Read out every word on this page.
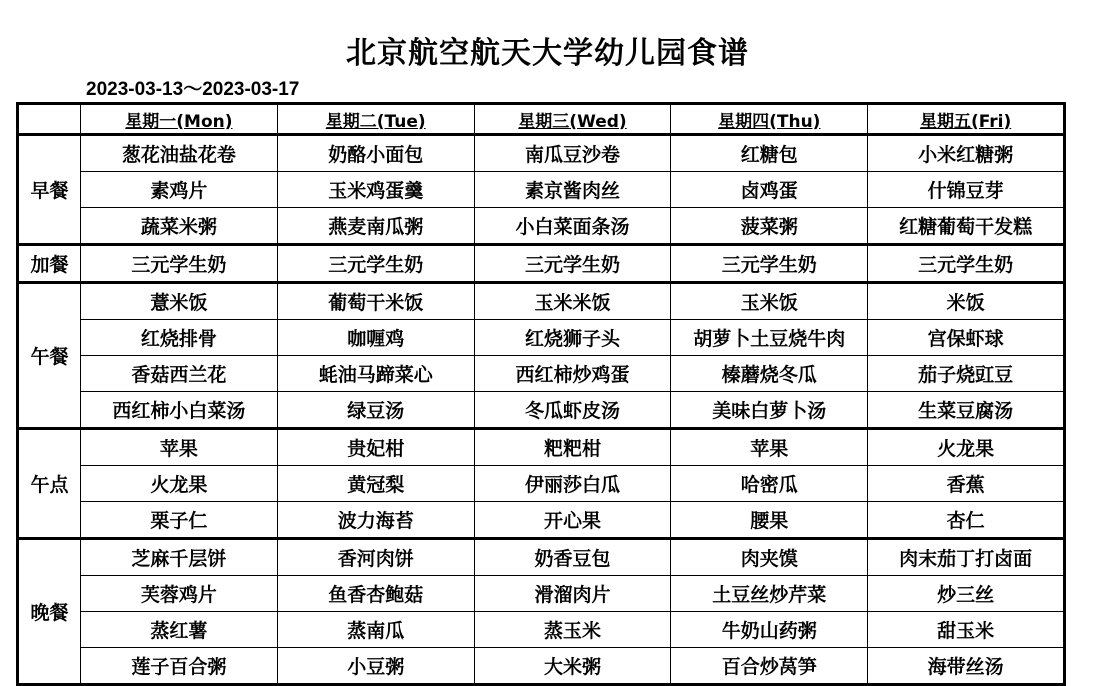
北京航空航天大学幼儿园食谱
2023-03-13～2023-03-17
	星期一(Mon)	星期二(Tue)	星期三(Wed)	星期四(Thu)	星期五(Fri)
早餐	葱花油盐花卷	奶酪小面包	南瓜豆沙卷	红糖包	小米红糖粥
	素鸡片	玉米鸡蛋羹	素京酱肉丝	卤鸡蛋	什锦豆芽
	蔬菜米粥	燕麦南瓜粥	小白菜面条汤	菠菜粥	红糖葡萄干发糕
加餐	三元学生奶	三元学生奶	三元学生奶	三元学生奶	三元学生奶
午餐	薏米饭	葡萄干米饭	玉米米饭	玉米饭	米饭
	红烧排骨	咖喱鸡	红烧狮子头	胡萝卜土豆烧牛肉	宫保虾球
	香菇西兰花	蚝油马蹄菜心	西红柿炒鸡蛋	榛蘑烧冬瓜	茄子烧豇豆
	西红柿小白菜汤	绿豆汤	冬瓜虾皮汤	美味白萝卜汤	生菜豆腐汤
午点	苹果	贵妃柑	粑粑柑	苹果	火龙果
	火龙果	黄冠梨	伊丽莎白瓜	哈密瓜	香蕉
	栗子仁	波力海苔	开心果	腰果	杏仁
晚餐	芝麻千层饼	香河肉饼	奶香豆包	肉夹馍	肉末茄丁打卤面
	芙蓉鸡片	鱼香杏鲍菇	滑溜肉片	土豆丝炒芹菜	炒三丝
	蒸红薯	蒸南瓜	蒸玉米	牛奶山药粥	甜玉米
	莲子百合粥	小豆粥	大米粥	百合炒莴笋	海带丝汤
